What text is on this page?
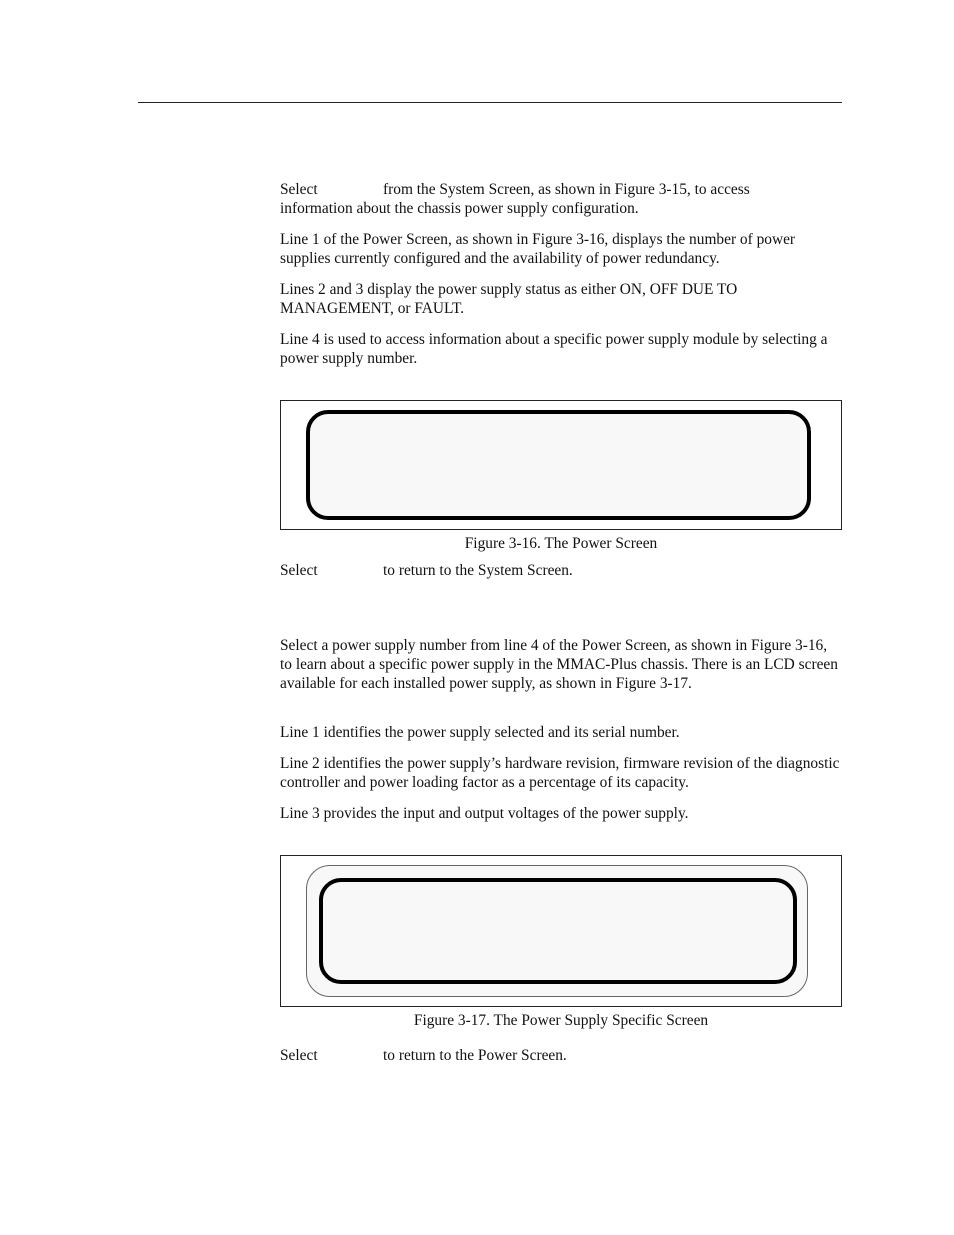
Select	from the System Screen, as shown in Figure 3-15, to access

information about the chassis power supply configuration.

Line 1 of the Power Screen, as shown in Figure 3-16, displays the number of power supplies currently configured and the availability of power redundancy.

Lines 2 and 3 display the power supply status as either ON, OFF DUE TO MANAGEMENT, or FAULT.

Line 4 is used to access information about a specific power supply module by selecting a power supply number.

Figure 3-16. The Power Screen
Select	to return to the System Screen.

Select a power supply number from line 4 of the Power Screen, as shown in Figure 3-16, to learn about a specific power supply in the MMAC-Plus chassis. There is an LCD screen available for each installed power supply, as shown in Figure 3-17.

Line 1 identifies the power supply selected and its serial number.

Line 2 identifies the power supply’s hardware revision, firmware revision of the diagnostic controller and power loading factor as a percentage of its capacity.

Line 3 provides the input and output voltages of the power supply.

Figure 3-17. The Power Supply Specific Screen
Select	to return to the Power Screen.
